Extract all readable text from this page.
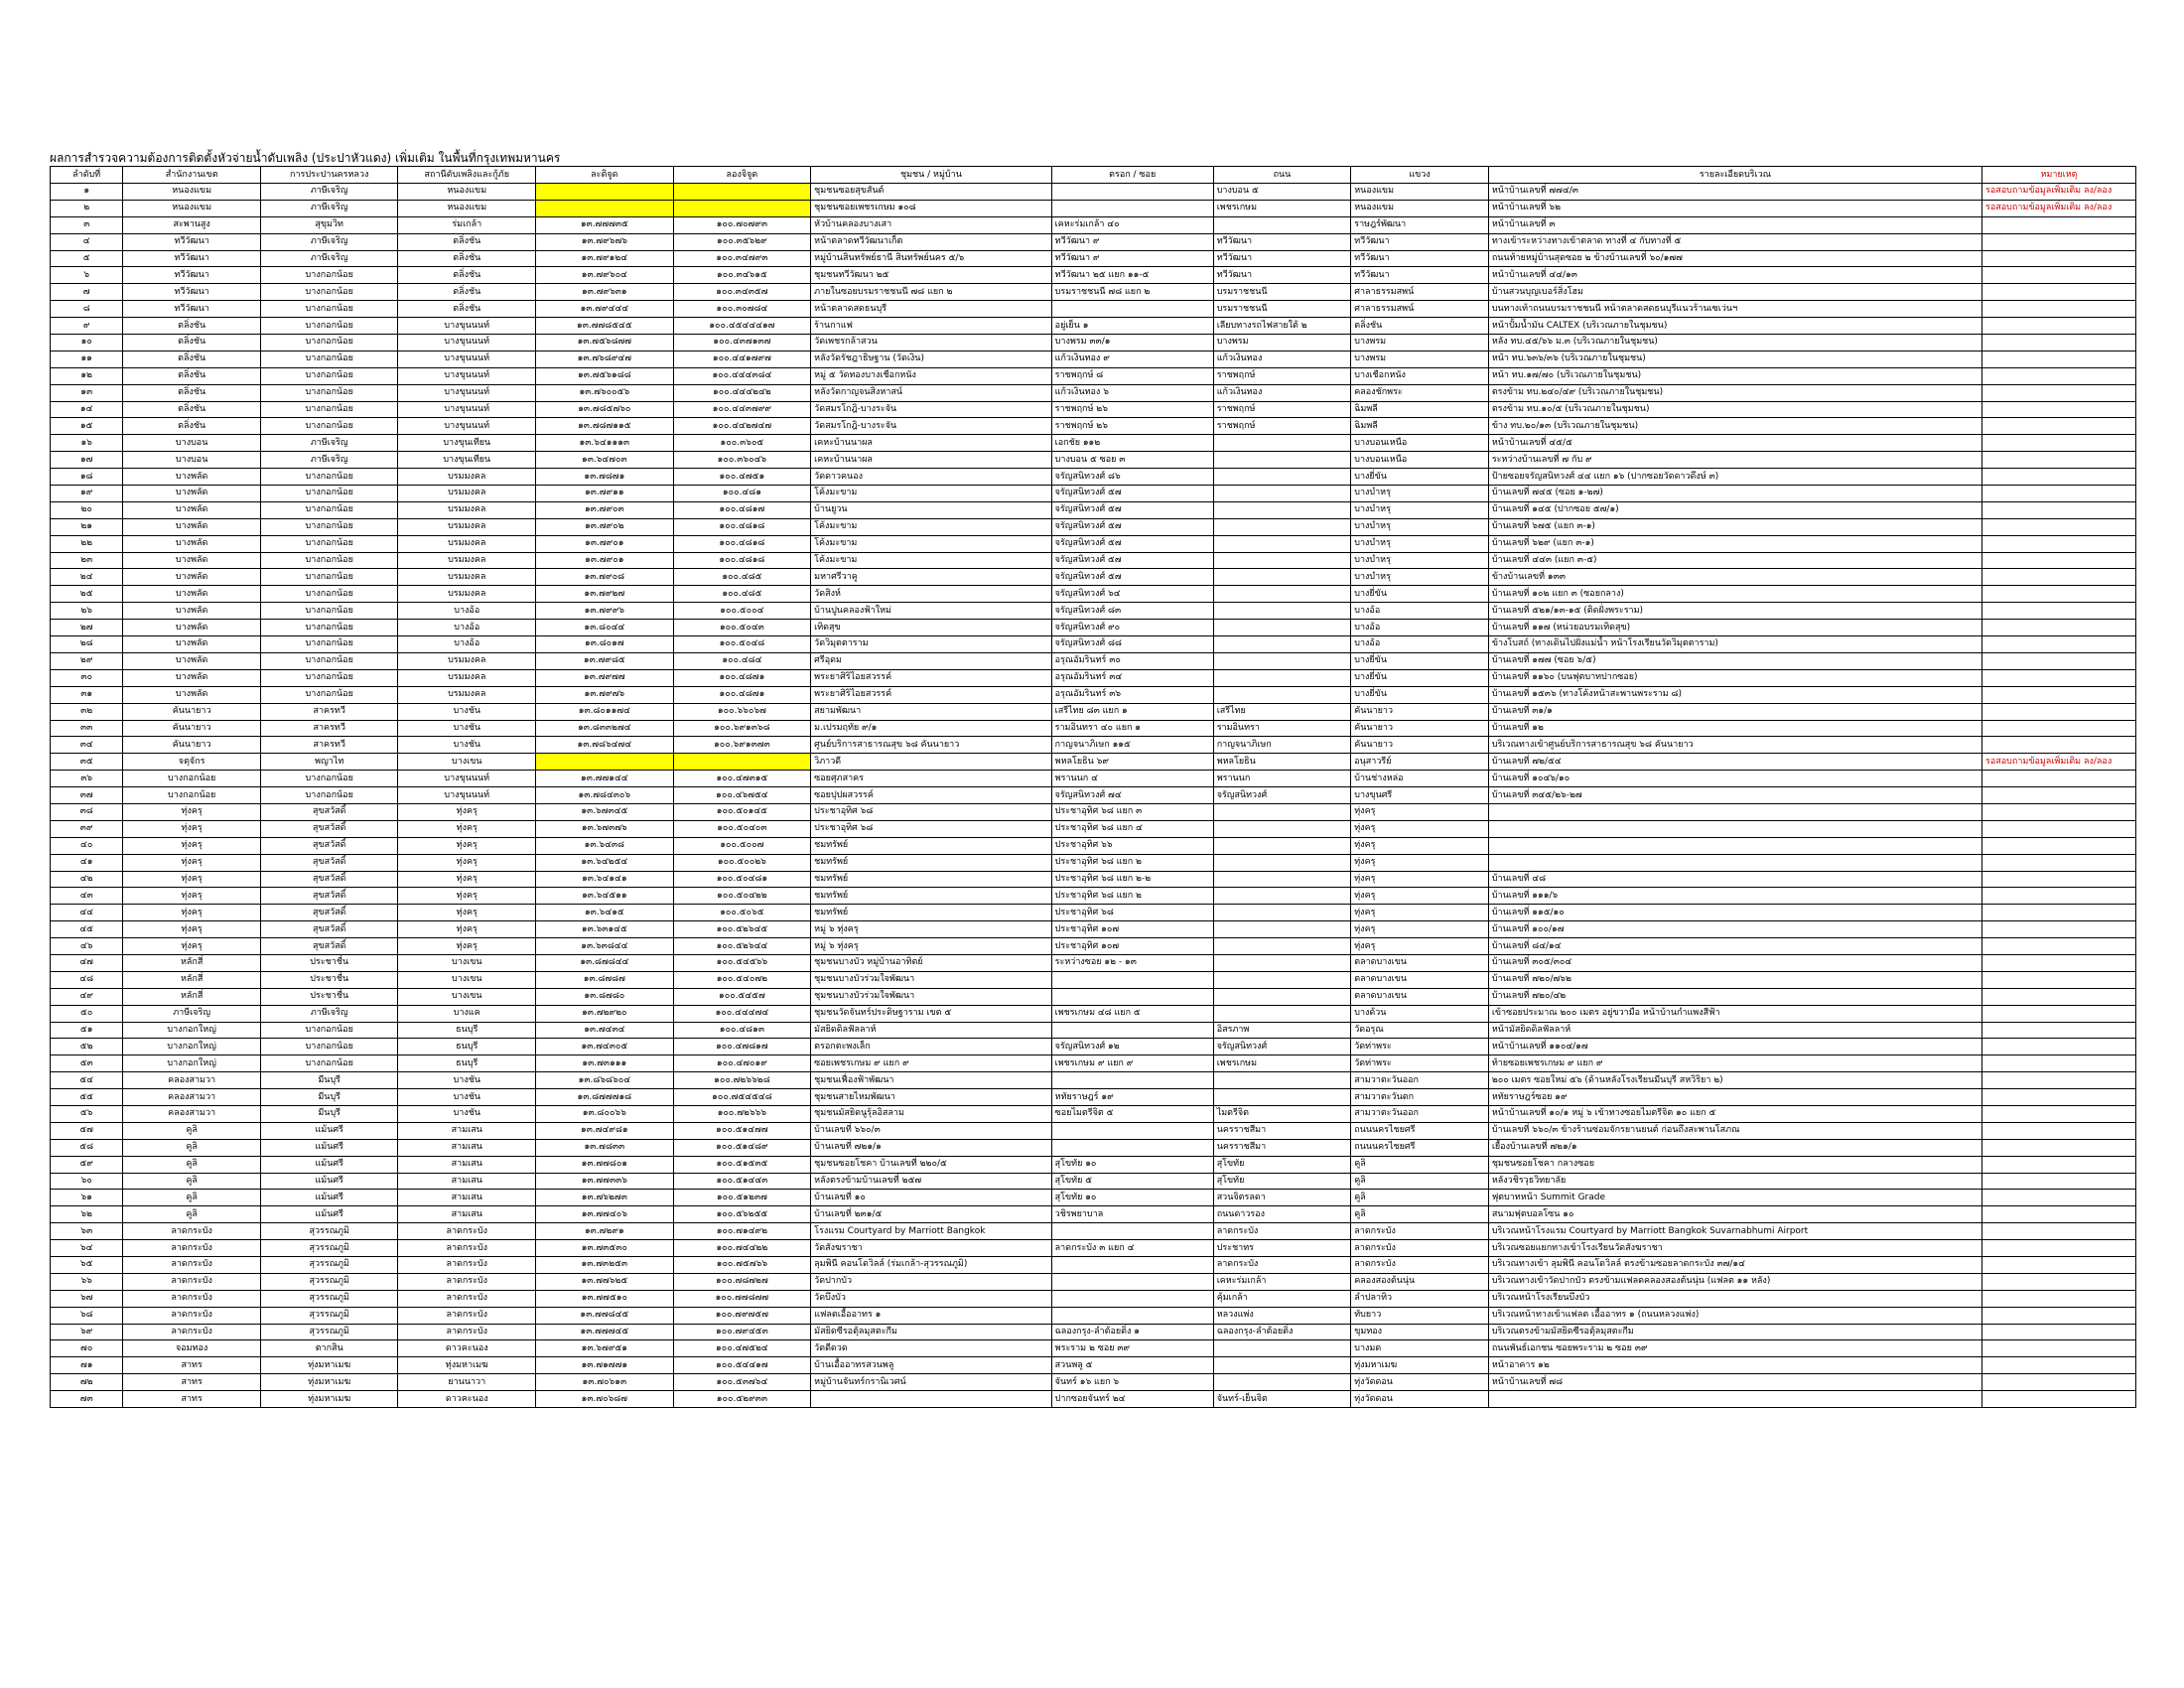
ผลการสำรวจความต้องการติดตั้งหัวจ่ายน้ำดับเพลิง (ประปาหัวแดง) เพิ่มเติม ในพื้นที่กรุงเทพมหานคร
ลำดับที่	สำนักงานเขต	การประปานครหลวง	สถานีดับเพลิงและกู้ภัย	ละติจูด	ลองจิจูด	ชุมชน / หมู่บ้าน	ตรอก / ซอย	ถนน	แขวง	รายละเอียดบริเวณ	หมายเหตุ
๑	หนองแขม	ภาษีเจริญ	หนองแขม			ชุมชนซอยสุขสันต์		บางบอน ๕	หนองแขม	หน้าบ้านเลขที่ ๗๗๔/๓	รอสอบถามข้อมูลเพิ่มเติม ลง/ลอง
๒	หนองแขม	ภาษีเจริญ	หนองแขม			ชุมชนซอยเพชรเกษม ๑๐๘		เพชรเกษม	หนองแขม	หน้าบ้านเลขที่ ๖๒	รอสอบถามข้อมูลเพิ่มเติม ลง/ลอง
๓	สะพานสูง	สุขุมวิท	ร่มเกล้า	๑๓.๗๗๗๓๕	๑๐๐.๗๐๗๙๓	หัวบ้านคลองบางเสา	เคหะร่มเกล้า ๔๐		ราษฎร์พัฒนา	หน้าบ้านเลขที่ ๓	
๔	ทวีวัฒนา	ภาษีเจริญ	ตลิ่งชัน	๑๓.๗๙๖๗๖	๑๐๐.๓๕๖๒๙	หน้าตลาดทวีวัฒนาเก็ต	ทวีวัฒนา ๙	ทวีวัฒนา	ทวีวัฒนา	ทางเข้าระหว่างทางเข้าตลาด ทางที่ ๔ กับทางที่ ๕	
๕	ทวีวัฒนา	ภาษีเจริญ	ตลิ่งชัน	๑๓.๗๙๑๒๔	๑๐๐.๓๔๗๙๓	หมู่บ้านสินทรัพย์ธานี สินทรัพย์นคร ๕/๖	ทวีวัฒนา ๙	ทวีวัฒนา	ทวีวัฒนา	ถนนท้ายหมู่บ้านสุดซอย ๒ ข้างบ้านเลขที่ ๖๐/๑๗๗	
๖	ทวีวัฒนา	บางกอกน้อย	ตลิ่งชัน	๑๓.๗๙๖๐๔	๑๐๐.๓๔๖๑๕	ชุมชนทวีวัฒนา ๒๕	ทวีวัฒนา ๒๕ แยก ๑๑-๕	ทวีวัฒนา	ทวีวัฒนา	หน้าบ้านเลขที่ ๔๔/๑๓	
๗	ทวีวัฒนา	บางกอกน้อย	ตลิ่งชัน	๑๓.๗๙๖๓๑	๑๐๐.๓๔๓๕๗	ภายในซอยบรมราชชนนี ๗๘ แยก ๒	บรมราชชนนี ๗๘ แยก ๒	บรมราชชนนี	ศาลาธรรมสพน์	บ้านสวนบุญเบอร์สิ่งโฮม	
๘	ทวีวัฒนา	บางกอกน้อย	ตลิ่งชัน	๑๓.๗๙๔๔๔	๑๐๐.๓๐๗๘๔	หน้าตลาดสดธนบุรี		บรมราชชนนี	ศาลาธรรมสพน์	บนทางเท้าถนนบรมราชชนนี หน้าตลาดสดธนบุรีแนวร้านเซเว่นฯ	
๙	ตลิ่งชัน	บางกอกน้อย	บางขุนนนท์	๑๓.๗๗๘๕๔๕	๑๐๐.๔๕๔๔๔๑๗	ร้านกาแฟ	อยู่เย็น ๑	เลียบทางรถไฟสายใต้ ๒	ตลิ่งชัน	หน้าปั้มน้ำมัน CALTEX (บริเวณภายในชุมชน)	
๑๐	ตลิ่งชัน	บางกอกน้อย	บางขุนนนท์	๑๓.๗๕๖๘๗๗	๑๐๐.๔๓๗๑๓๗	วัดเพชรกล้าสวน	บางพรม ๓๓/๑	บางพรม	บางพรม	หลัง ทบ.๔๕/๖๖ ม.๓ (บริเวณภายในชุมชน)	
๑๑	ตลิ่งชัน	บางกอกน้อย	บางขุนนนท์	๑๓.๗๖๘๙๔๗	๑๐๐.๔๔๑๗๙๗	หลังวัดรัชฎาธิษฐาน (วัดเงิน)	แก้วเงินทอง ๙	แก้วเงินทอง	บางพรม	หน้า ทบ.๖๓๖/๓๖ (บริเวณภายในชุมชน)	
๑๒	ตลิ่งชัน	บางกอกน้อย	บางขุนนนท์	๑๓.๗๕๖๑๘๘	๑๐๐.๔๔๔๓๘๔	หมู่ ๕ วัดทองบางเชือกหนัง	ราชพฤกษ์ ๘	ราชพฤกษ์	บางเชือกหนัง	หน้า ทบ.๑๗/๗๐ (บริเวณภายในชุมชน)	
๑๓	ตลิ่งชัน	บางกอกน้อย	บางขุนนนท์	๑๓.๗๖๐๐๕๖	๑๐๐.๔๔๔๒๔๒	หลังวัดกาญจนสิงหาสน์	แก้วเงินทอง ๖	แก้วเงินทอง	คลองชักพระ	ตรงข้าม ทบ.๒๔๐/๔๙ (บริเวณภายในชุมชน)	
๑๔	ตลิ่งชัน	บางกอกน้อย	บางขุนนนท์	๑๓.๗๘๕๗๖๐	๑๐๐.๔๔๓๗๙๙	วัดสมรโกฎิ-บางระจัน	ราชพฤกษ์ ๒๖	ราชพฤกษ์	ฉิมพลี	ตรงข้าม ทบ.๑๐/๕ (บริเวณภายในชุมชน)	
๑๕	ตลิ่งชัน	บางกอกน้อย	บางขุนนนท์	๑๓.๗๘๗๑๑๕	๑๐๐.๔๔๒๗๔๗	วัดสมรโกฎิ-บางระจัน	ราชพฤกษ์ ๒๖	ราชพฤกษ์	ฉิมพลี	ข้าง ทบ.๒๐/๑๓ (บริเวณภายในชุมชน)	
๑๖	บางบอน	ภาษีเจริญ	บางขุนเทียน	๑๓.๖๔๑๑๑๓	๑๐๐.๓๖๐๕	เคหะบ้านนาผล	เอกชัย ๑๑๒		บางบอนเหนือ	หน้าบ้านเลขที่ ๔๕/๕	
๑๗	บางบอน	ภาษีเจริญ	บางขุนเทียน	๑๓.๖๔๗๐๓	๑๐๐.๓๖๐๔๖	เคหะบ้านนาผล	บางบอน ๕ ซอย ๓		บางบอนเหนือ	ระหว่างบ้านเลขที่ ๗ กับ ๙	
๑๘	บางพลัด	บางกอกน้อย	บรมมงคล	๑๓.๗๘๗๑	๑๐๐.๔๗๕๑	วัดดาวคนอง	จรัญสนิทวงศ์ ๘๖		บางยี่ขัน	ป้ายซอยจรัญสนิทวงศ์ ๔๔ แยก ๑๖ (ปากซอยวัดดาวดึงษ์ ๓)	
๑๙	บางพลัด	บางกอกน้อย	บรมมงคล	๑๓.๗๙๑๑	๑๐๐.๔๘๑	โค้งมะขาม	จรัญสนิทวงศ์ ๕๗		บางบำหรุ	บ้านเลขที่ ๗๔๕ (ซอย ๑-๒๗)	
๒๐	บางพลัด	บางกอกน้อย	บรมมงคล	๑๓.๗๙๐๓	๑๐๐.๔๘๑๗	บ้านยูวน	จรัญสนิทวงศ์ ๕๗		บางบำหรุ	บ้านเลขที่ ๑๔๕ (ปากซอย ๕๗/๑)	
๒๑	บางพลัด	บางกอกน้อย	บรมมงคล	๑๓.๗๙๐๒	๑๐๐.๔๘๑๘	โค้งมะขาม	จรัญสนิทวงศ์ ๕๗		บางบำหรุ	บ้านเลขที่ ๖๗๕ (แยก ๓-๑)	
๒๒	บางพลัด	บางกอกน้อย	บรมมงคล	๑๓.๗๙๐๑	๑๐๐.๔๘๑๘	โค้งมะขาม	จรัญสนิทวงศ์ ๕๗		บางบำหรุ	บ้านเลขที่ ๖๒๙ (แยก ๓-๑)	
๒๓	บางพลัด	บางกอกน้อย	บรมมงคล	๑๓.๗๙๐๑	๑๐๐.๔๘๑๘	โค้งมะขาม	จรัญสนิทวงศ์ ๕๗		บางบำหรุ	บ้านเลขที่ ๔๔๓ (แยก ๓-๕)	
๒๔	บางพลัด	บางกอกน้อย	บรมมงคล	๑๓.๗๙๐๘	๑๐๐.๔๘๕	มหาศรีวาคู	จรัญสนิทวงศ์ ๕๗		บางบำหรุ	ข้างบ้านเลขที่ ๑๓๓	
๒๕	บางพลัด	บางกอกน้อย	บรมมงคล	๑๓.๗๙๒๗	๑๐๐.๔๘๕	วัดสิงห์	จรัญสนิทวงศ์ ๖๔		บางยี่ขัน	บ้านเลขที่ ๑๐๒ แยก ๓ (ซอยกลาง)	
๒๖	บางพลัด	บางกอกน้อย	บางอ้อ	๑๓.๗๙๙๖	๑๐๐.๕๐๐๔	บ้านปูนคลองฟ้าใหม่	จรัญสนิทวงศ์ ๘๓		บางอ้อ	บ้านเลขที่ ๕๒๑/๑๓-๑๕ (ติดฝั่งพระราม)	
๒๗	บางพลัด	บางกอกน้อย	บางอ้อ	๑๓.๘๐๔๔	๑๐๐.๕๐๔๓	เทิดสุข	จรัญสนิทวงศ์ ๙๐		บางอ้อ	บ้านเลขที่ ๑๑๗ (หน่วยอบรมเทิดสุข)	
๒๘	บางพลัด	บางกอกน้อย	บางอ้อ	๑๓.๘๐๑๗	๑๐๐.๕๐๔๘	วัดวิมุตตาราม	จรัญสนิทวงศ์ ๘๘		บางอ้อ	ข้างโบสถ์ (ทางเดินไปฝั่งแม่น้ำ หน้าโรงเรียนวัดวิมุตตาราม)	
๒๙	บางพลัด	บางกอกน้อย	บรมมงคล	๑๓.๗๙๘๕	๑๐๐.๔๘๔	ศรีอุดม	อรุณอัมรินทร์ ๓๐		บางยี่ขัน	บ้านเลขที่ ๑๗๗ (ซอย ๖/๕)	
๓๐	บางพลัด	บางกอกน้อย	บรมมงคล	๑๓.๗๙๗๗	๑๐๐.๔๘๗๑	พระยาศิริไอยสวรรค์	อรุณอัมรินทร์ ๓๔		บางยี่ขัน	บ้านเลขที่ ๑๑๖๐ (บนฟุตบาทปากซอย)	
๓๑	บางพลัด	บางกอกน้อย	บรมมงคล	๑๓.๗๙๗๖	๑๐๐.๔๘๗๑	พระยาศิริไอยสวรรค์	อรุณอัมรินทร์ ๓๖		บางยี่ขัน	บ้านเลขที่ ๑๕๓๖ (ทางโค้งหน้าสะพานพระราม ๘)	
๓๒	คันนายาว	สาครทวี	บางชัน	๑๓.๘๐๑๑๗๔	๑๐๐.๖๖๐๖๗	สยามพัฒนา	เสรีไทย ๘๓ แยก ๑	เสรีไทย	คันนายาว	บ้านเลขที่ ๓๑/๑	
๓๓	คันนายาว	สาครทวี	บางชัน	๑๓.๘๓๓๒๗๔	๑๐๐.๖๙๑๓๖๘	ม.เปรมฤทัย ๙/๑	รามอินทรา ๔๐ แยก ๑	รามอินทรา	คันนายาว	บ้านเลขที่ ๑๒	
๓๔	คันนายาว	สาครทวี	บางชัน	๑๓.๗๘๖๔๗๔	๑๐๐.๖๙๑๓๗๓	ศูนย์บริการสาธารณสุข ๖๘ คันนายาว	กาญจนาภิเษก ๑๑๕	กาญจนาภิเษก	คันนายาว	บริเวณทางเข้าศูนย์บริการสาธารณสุข ๖๘ คันนายาว	
๓๕	จตุจักร	พญาไท	บางเขน			วิภาวดี	พหลโยธิน ๖๙	พหลโยธิน	อนุสาวรีย์	บ้านเลขที่ ๗๒/๕๔	รอสอบถามข้อมูลเพิ่มเติม ลง/ลอง
๓๖	บางกอกน้อย	บางกอกน้อย	บางขุนนนท์	๑๓.๗๗๑๔๔	๑๐๐.๔๗๓๑๕	ซอยศุภสาคร	พรานนก ๔	พรานนก	บ้านช่างหล่อ	บ้านเลขที่ ๑๐๔๖/๑๐	
๓๗	บางกอกน้อย	บางกอกน้อย	บางขุนนนท์	๑๓.๗๘๔๓๐๖	๑๐๐.๔๖๗๕๔	ซอยปุปผสวรรค์	จรัญสนิทวงศ์ ๗๔	จรัญสนิทวงศ์	บางขุนศรี	บ้านเลขที่ ๓๔๕/๒๖-๒๗	
๓๘	ทุ่งครุ	สุขสวัสดิ์	ทุ่งครุ	๑๓.๖๗๓๔๕	๑๐๐.๕๐๑๔๕	ประชาอุทิศ ๖๘	ประชาอุทิศ ๖๘ แยก ๓		ทุ่งครุ		
๓๙	ทุ่งครุ	สุขสวัสดิ์	ทุ่งครุ	๑๓.๖๗๓๗๖	๑๐๐.๕๐๔๐๓	ประชาอุทิศ ๖๘	ประชาอุทิศ ๖๘ แยก ๔		ทุ่งครุ		
๔๐	ทุ่งครุ	สุขสวัสดิ์	ทุ่งครุ	๑๓.๖๔๓๘	๑๐๐.๕๐๐๗	ชมทรัพย์	ประชาอุทิศ ๖๖		ทุ่งครุ		
๔๑	ทุ่งครุ	สุขสวัสดิ์	ทุ่งครุ	๑๓.๖๔๒๕๔	๑๐๐.๕๐๐๒๖	ชมทรัพย์	ประชาอุทิศ ๖๘ แยก ๒		ทุ่งครุ		
๔๒	ทุ่งครุ	สุขสวัสดิ์	ทุ่งครุ	๑๓.๖๔๑๔๑	๑๐๐.๕๐๔๘๑	ชมทรัพย์	ประชาอุทิศ ๖๘ แยก ๒-๒		ทุ่งครุ	บ้านเลขที่ ๔๘	
๔๓	ทุ่งครุ	สุขสวัสดิ์	ทุ่งครุ	๑๓.๖๔๕๑๑	๑๐๐.๕๐๔๒๒	ชมทรัพย์	ประชาอุทิศ ๖๘ แยก ๒		ทุ่งครุ	บ้านเลขที่ ๑๑๑/๖	
๔๔	ทุ่งครุ	สุขสวัสดิ์	ทุ่งครุ	๑๓.๖๔๑๕	๑๐๐.๕๐๖๕	ชมทรัพย์	ประชาอุทิศ ๖๘		ทุ่งครุ	บ้านเลขที่ ๑๑๕/๑๐	
๔๕	ทุ่งครุ	สุขสวัสดิ์	ทุ่งครุ	๑๓.๖๓๑๔๕	๑๐๐.๕๒๖๔๕	หมู่ ๖ ทุ่งครุ	ประชาอุทิศ ๑๐๗		ทุ่งครุ	บ้านเลขที่ ๑๐๐/๑๗	
๔๖	ทุ่งครุ	สุขสวัสดิ์	ทุ่งครุ	๑๓.๖๓๘๔๔	๑๐๐.๕๒๖๔๔	หมู่ ๖ ทุ่งครุ	ประชาอุทิศ ๑๐๗		ทุ่งครุ	บ้านเลขที่ ๘๔/๑๔	
๔๗	หลักสี่	ประชาชื่น	บางเขน	๑๓.๘๗๘๔๔	๑๐๐.๕๔๕๖๖	ชุมชนบางบัว หมู่บ้านอาทิตย์	ระหว่างซอย ๑๒ - ๑๓		ตลาดบางเขน	บ้านเลขที่ ๓๐๕/๓๐๔	
๔๘	หลักสี่	ประชาชื่น	บางเขน	๑๓.๘๗๘๗	๑๐๐.๕๔๐๗๒	ชุมชนบางบัวร่วมใจพัฒนา			ตลาดบางเขน	บ้านเลขที่ ๗๒๐/๗๖๒	
๔๙	หลักสี่	ประชาชื่น	บางเขน	๑๓.๘๗๘๐	๑๐๐.๕๔๕๗	ชุมชนบางบัวร่วมใจพัฒนา			ตลาดบางเขน	บ้านเลขที่ ๗๒๐/๔๒	
๕๐	ภาษีเจริญ	ภาษีเจริญ	บางแค	๑๓.๗๒๙๒๐	๑๐๐.๔๔๔๗๔	ชุมชนวัดจันทร์ประดิษฐาราม เขต ๕	เพชรเกษม ๔๘ แยก ๕		บางด้วน	เข้าซอยประมาณ ๒๐๐ เมตร อยู่ขวามือ หน้าบ้านกำแพงสีฟ้า	
๕๑	บางกอกใหญ่	บางกอกน้อย	ธนบุรี	๑๓.๗๔๓๔	๑๐๐.๔๘๑๓	มัสยิดดิลฟัลลาห์		อิสรภาพ	วัดอรุณ	หน้ามัสยิดดิลฟัลลาห์	
๕๒	บางกอกใหญ่	บางกอกน้อย	ธนบุรี	๑๓.๗๔๓๐๕	๑๐๐.๔๗๘๑๗	ตรอกตะพงเล็ก	จรัญสนิทวงศ์ ๑๒	จรัญสนิทวงศ์	วัดท่าพระ	หน้าบ้านเลขที่ ๑๑๐๔/๑๗	
๕๓	บางกอกใหญ่	บางกอกน้อย	ธนบุรี	๑๓.๗๓๑๑๑	๑๐๐.๔๗๐๑๙	ซอยเพชรเกษม ๙ แยก ๙	เพชรเกษม ๙ แยก ๙	เพชรเกษม	วัดท่าพระ	ท้ายซอยเพชรเกษม ๙ แยก ๙	
๕๔	คลองสามวา	มีนบุรี	บางชัน	๑๓.๘๖๘๖๐๔	๑๐๐.๗๒๖๖๒๘	ชุมชนเฟื่องฟ้าพัฒนา			สามวาตะวันออก	๒๐๐ เมตร ซอยใหม่ ๕๖ (ด้านหลังโรงเรียนมีนบุรี สหวิริยา ๒)	
๕๕	คลองสามวา	มีนบุรี	บางชัน	๑๓.๘๗๗๗๑๘	๑๐๐.๗๕๔๕๔๘	ชุมชนสายไหมพัฒนา	หทัยราษฎร์ ๑๙		สามวาตะวันตก	หทัยราษฎร์ซอย ๑๙	
๕๖	คลองสามวา	มีนบุรี	บางชัน	๑๓.๘๐๐๖๖	๑๐๐.๗๒๖๖๖	ชุมชนมัสยิดนูรุ้ลอิสลาม	ซอยไมตรีจิต ๕	ไมตรีจิต	สามวาตะวันออก	หน้าบ้านเลขที่ ๑๐/๑ หมู่ ๖ เข้าทางซอยไมตรีจิต ๑๐ แยก ๕	
๕๗	คูลิ	แม้นศรี	สามเสน	๑๓.๗๔๙๘๑	๑๐๐.๕๑๔๗๗	บ้านเลขที่ ๖๖๐/๓		นครราชสีมา	ถนนนครไชยศรี	บ้านเลขที่ ๖๖๐/๓ ข้างร้านซ่อมจักรยานยนต์ ก่อนถึงสะพานโสภณ	
๕๘	คูลิ	แม้นศรี	สามเสน	๑๓.๗๘๓๓	๑๐๐.๕๑๔๘๙	บ้านเลขที่ ๗๒๑/๑		นครราชสีมา	ถนนนครไชยศรี	เยื้องบ้านเลขที่ ๗๒๑/๑	
๕๙	คูลิ	แม้นศรี	สามเสน	๑๓.๗๗๘๐๑	๑๐๐.๕๑๕๓๕	ชุมชนซอยโชคา บ้านเลขที่ ๒๒๐/๕	สุโขทัย ๑๐	สุโขทัย	คูลิ	ชุมชนซอยโชคา กลางซอย	
๖๐	คูลิ	แม้นศรี	สามเสน	๑๓.๗๗๓๓๖	๑๐๐.๕๑๔๔๓	หลังตรงข้ามบ้านเลขที่ ๒๕๗	สุโขทัย ๕	สุโขทัย	คูลิ	หลังวชิรวุธวิทยาลัย	
๖๑	คูลิ	แม้นศรี	สามเสน	๑๓.๗๖๒๗๓	๑๐๐.๕๑๒๓๗	บ้านเลขที่ ๑๐	สุโขทัย ๑๐	สวนจิตรลดา	คูลิ	ฟุตบาทหน้า Summit Grade	
๖๒	คูลิ	แม้นศรี	สามเสน	๑๓.๗๗๔๐๖	๑๐๐.๕๖๒๕๕	บ้านเลขที่ ๒๓๑/๕	วชิรพยาบาล	ถนนดาวรอง	คูลิ	สนามฟุตบอลโซน ๑๐	
๖๓	ลาดกระบัง	สุวรรณภูมิ	ลาดกระบัง	๑๓.๗๒๙๑	๑๐๐.๗๑๔๙๒	โรงแรม Courtyard by Marriott Bangkok		ลาดกระบัง	ลาดกระบัง	บริเวณหน้าโรงแรม Courtyard by Marriott Bangkok Suvarnabhumi Airport	
๖๔	ลาดกระบัง	สุวรรณภูมิ	ลาดกระบัง	๑๓.๗๓๕๓๐	๑๐๐.๗๔๔๒๒	วัดสังฆราชา	ลาดกระบัง ๓ แยก ๔	ประชาทร	ลาดกระบัง	บริเวณซอยแยกทางเข้าโรงเรียนวัดสังฆราชา	
๖๕	ลาดกระบัง	สุวรรณภูมิ	ลาดกระบัง	๑๓.๗๓๒๕๓	๑๐๐.๗๕๗๖๖	ลุมพินี คอนโดวิลล์ (ร่มเกล้า-สุวรรณภูมิ)		ลาดกระบัง	ลาดกระบัง	บริเวณทางเข้า ลุมพินี คอนโดวิลล์ ตรงข้ามซอยลาดกระบัง ๓๗/๑๔	
๖๖	ลาดกระบัง	สุวรรณภูมิ	ลาดกระบัง	๑๓.๗๗๖๒๕	๑๐๐.๗๘๗๒๗	วัดปากบัว		เคหะร่มเกล้า	คลองสองต้นนุ่น	บริเวณทางเข้าวัดปากบัว ตรงข้ามแฟลตคลองสองต้นนุ่น (แฟลต ๑๑ หลัง)	
๖๗	ลาดกระบัง	สุวรรณภูมิ	ลาดกระบัง	๑๓.๗๗๕๑๐	๑๐๐.๗๗๘๗๗	วัดบึงบัว		คุ้มเกล้า	ลำปลาทิว	บริเวณหน้าโรงเรียนบึงบัว	
๖๘	ลาดกระบัง	สุวรรณภูมิ	ลาดกระบัง	๑๓.๗๗๘๔๕	๑๐๐.๗๙๗๕๗	แฟลตเอื้ออาทร ๑		หลวงแพ่ง	ทับยาว	บริเวณหน้าทางเข้าแฟลต เอื้ออาทร ๑ (ถนนหลวงแพ่ง)	
๖๙	ลาดกระบัง	สุวรรณภูมิ	ลาดกระบัง	๑๓.๗๗๗๔๕	๑๐๐.๗๙๔๕๓	มัสยิดซีรอตุ้ลมุสตะกีม	ฉลองกรุง-ลำต้อยติ่ง ๑	ฉลองกรุง-ลำต้อยติ่ง	ขุมทอง	บริเวณตรงข้ามมัสยิดซีรอตุ้ลมุสตะกีม	
๗๐	จอมทอง	ตากสิน	ดาวคะนอง	๑๓.๖๗๙๕๑	๑๐๐.๔๗๕๒๔	วัดดีดวด	พระราม ๒ ซอย ๓๙		บางมด	ถนนพันธ์เอกชน ซอยพระราม ๒ ซอย ๓๙	
๗๑	สาทร	ทุ่งมหาเมฆ	ทุ่งมหาเมฆ	๑๓.๗๑๗๗๑	๑๐๐.๕๔๔๑๗	บ้านเอื้ออาทรสวนพลู	สวนพลู ๕		ทุ่งมหาเมฆ	หน้าอาคาร ๑๒	
๗๒	สาทร	ทุ่งมหาเมฆ	ยานนาวา	๑๓.๗๐๖๑๓	๑๐๐.๕๓๗๖๔	หมู่บ้านจันทร์กรานิเวศน์	จันทร์ ๑๖ แยก ๖		ทุ่งวัดดอน	หน้าบ้านเลขที่ ๗๘	
๗๓	สาทร	ทุ่งมหาเมฆ	ดาวคะนอง	๑๓.๗๐๖๘๗	๑๐๐.๕๒๙๓๓		ปากซอยจันทร์ ๒๔	จันทร์-เย็นจิต	ทุ่งวัดดอน		
